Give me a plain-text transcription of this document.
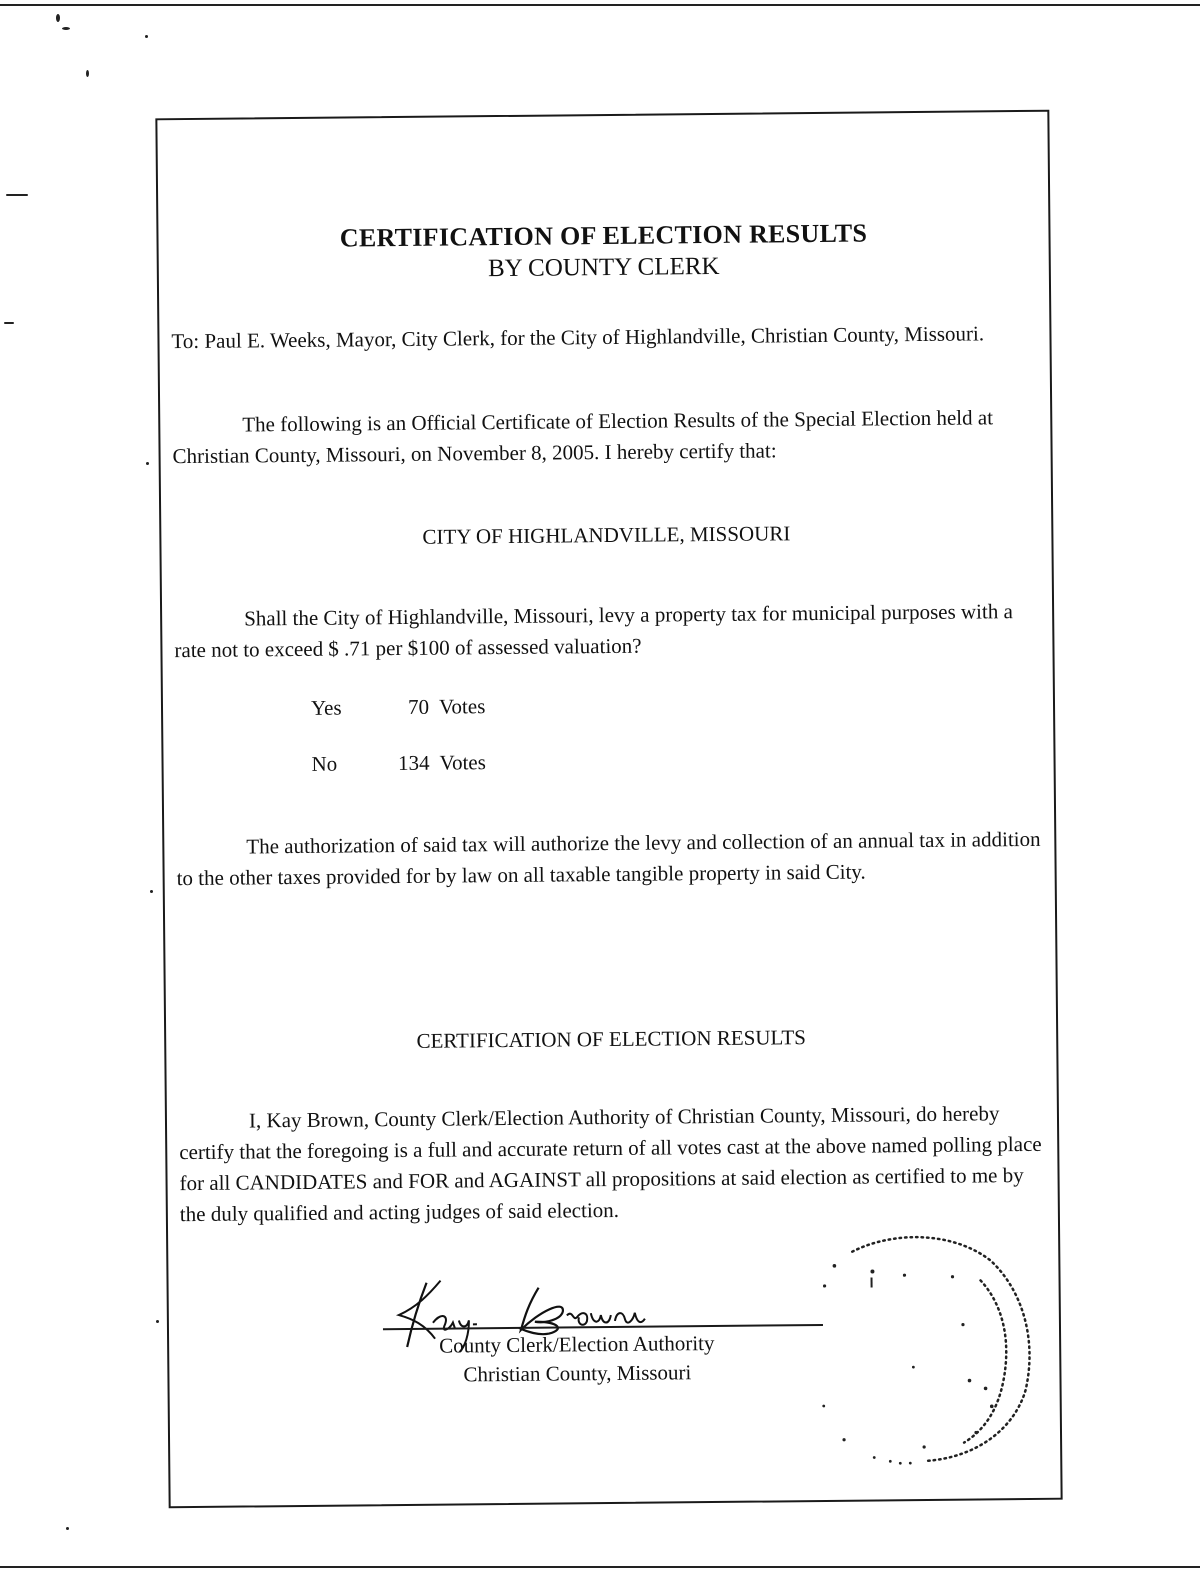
CERTIFICATION OF ELECTION RESULTS
BY COUNTY CLERK
To: Paul E. Weeks, Mayor, City Clerk, for the City of Highlandville, Christian County, Missouri.
The following is an Official Certificate of Election Results of the Special Election held at Christian County, Missouri, on November 8, 2005. I hereby certify that:
CITY OF HIGHLANDVILLE, MISSOURI
Shall the City of Highlandville, Missouri, levy a property tax for municipal purposes with a rate not to exceed $ .71 per $100 of assessed valuation?
Yes	70 Votes
No	134 Votes
The authorization of said tax will authorize the levy and collection of an annual tax in addition to the other taxes provided for by law on all taxable tangible property in said City.
CERTIFICATION OF ELECTION RESULTS
I, Kay Brown, County Clerk/Election Authority of Christian County, Missouri, do hereby certify that the foregoing is a full and accurate return of all votes cast at the above named polling place for all CANDIDATES and FOR and AGAINST all propositions at said election as certified to me by the duly qualified and acting judges of said election.
County Clerk/Election Authority
Christian County, Missouri
